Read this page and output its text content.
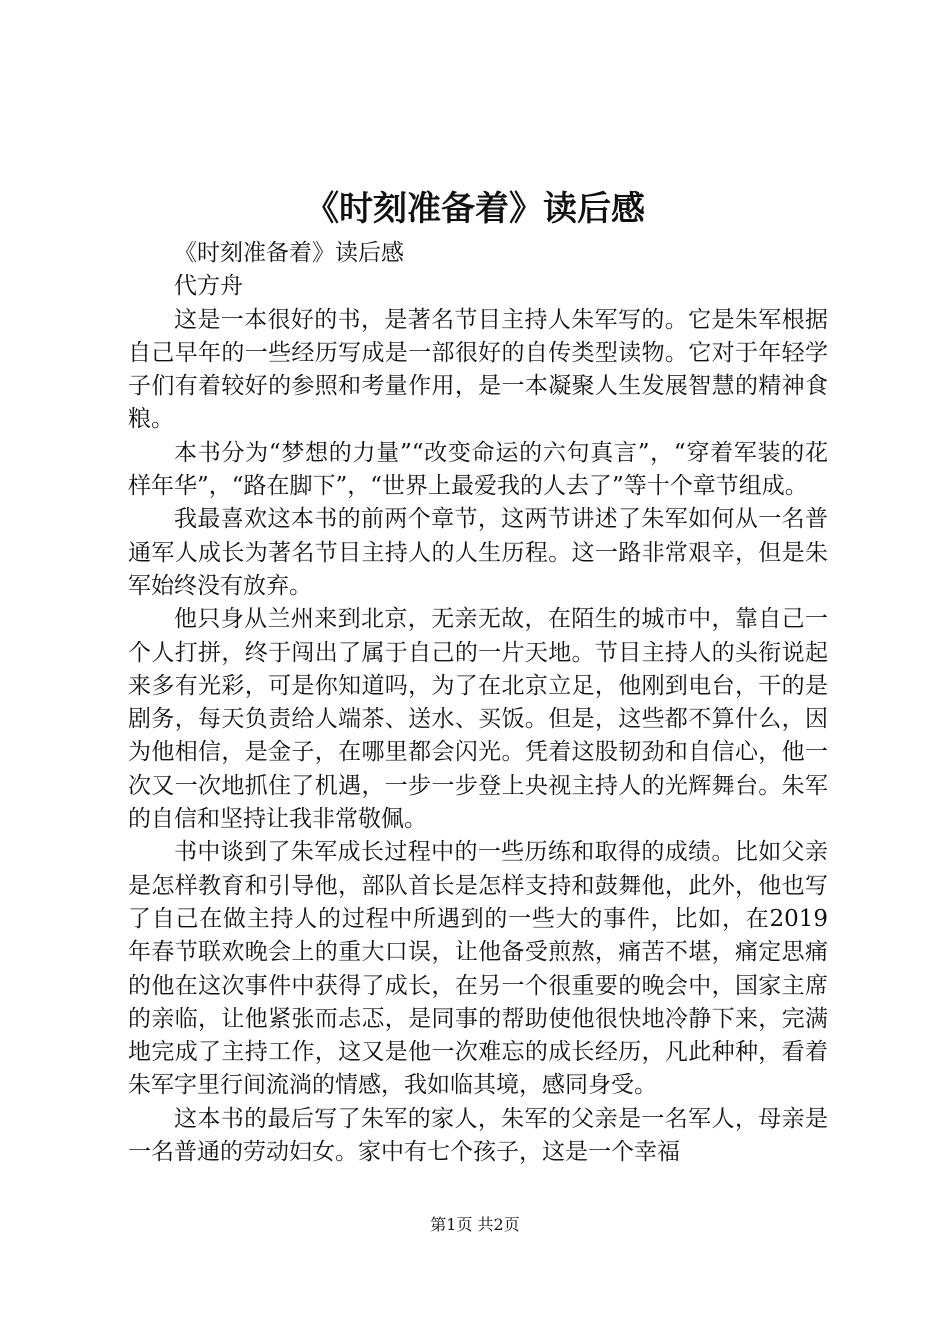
《时刻准备着》读后感

《时刻准备着》读后感

代方舟

这是一本很好的书，是著名节目主持人朱军写的。它是朱军根据自己早年的一些经历写成是一部很好的自传类型读物。它对于年轻学子们有着较好的参照和考量作用，是一本凝聚人生发展智慧的精神食粮。

本书分为“梦想的力量”“改变命运的六句真言”，“穿着军装的花样年华”，“路在脚下”，“世界上最爱我的人去了”等十个章节组成。

我最喜欢这本书的前两个章节，这两节讲述了朱军如何从一名普通军人成长为著名节目主持人的人生历程。这一路非常艰辛，但是朱军始终没有放弃。

他只身从兰州来到北京，无亲无故，在陌生的城市中，靠自己一个人打拼，终于闯出了属于自己的一片天地。节目主持人的头衔说起来多有光彩，可是你知道吗，为了在北京立足，他刚到电台，干的是剧务，每天负责给人端茶、送水、买饭。但是，这些都不算什么，因为他相信，是金子，在哪里都会闪光。凭着这股韧劲和自信心，他一次又一次地抓住了机遇，一步一步登上央视主持人的光辉舞台。朱军的自信和坚持让我非常敬佩。

书中谈到了朱军成长过程中的一些历练和取得的成绩。比如父亲是怎样教育和引导他，部队首长是怎样支持和鼓舞他，此外，他也写了自己在做主持人的过程中所遇到的一些大的事件，比如，在2019年春节联欢晚会上的重大口误，让他备受煎熬，痛苦不堪，痛定思痛的他在这次事件中获得了成长，在另一个很重要的晚会中，国家主席的亲临，让他紧张而忐忑，是同事的帮助使他很快地冷静下来，完满地完成了主持工作，这又是他一次难忘的成长经历，凡此种种，看着朱军字里行间流淌的情感，我如临其境，感同身受。

这本书的最后写了朱军的家人，朱军的父亲是一名军人，母亲是一名普通的劳动妇女。家中有七个孩子，这是一个幸福

第1页 共2页
